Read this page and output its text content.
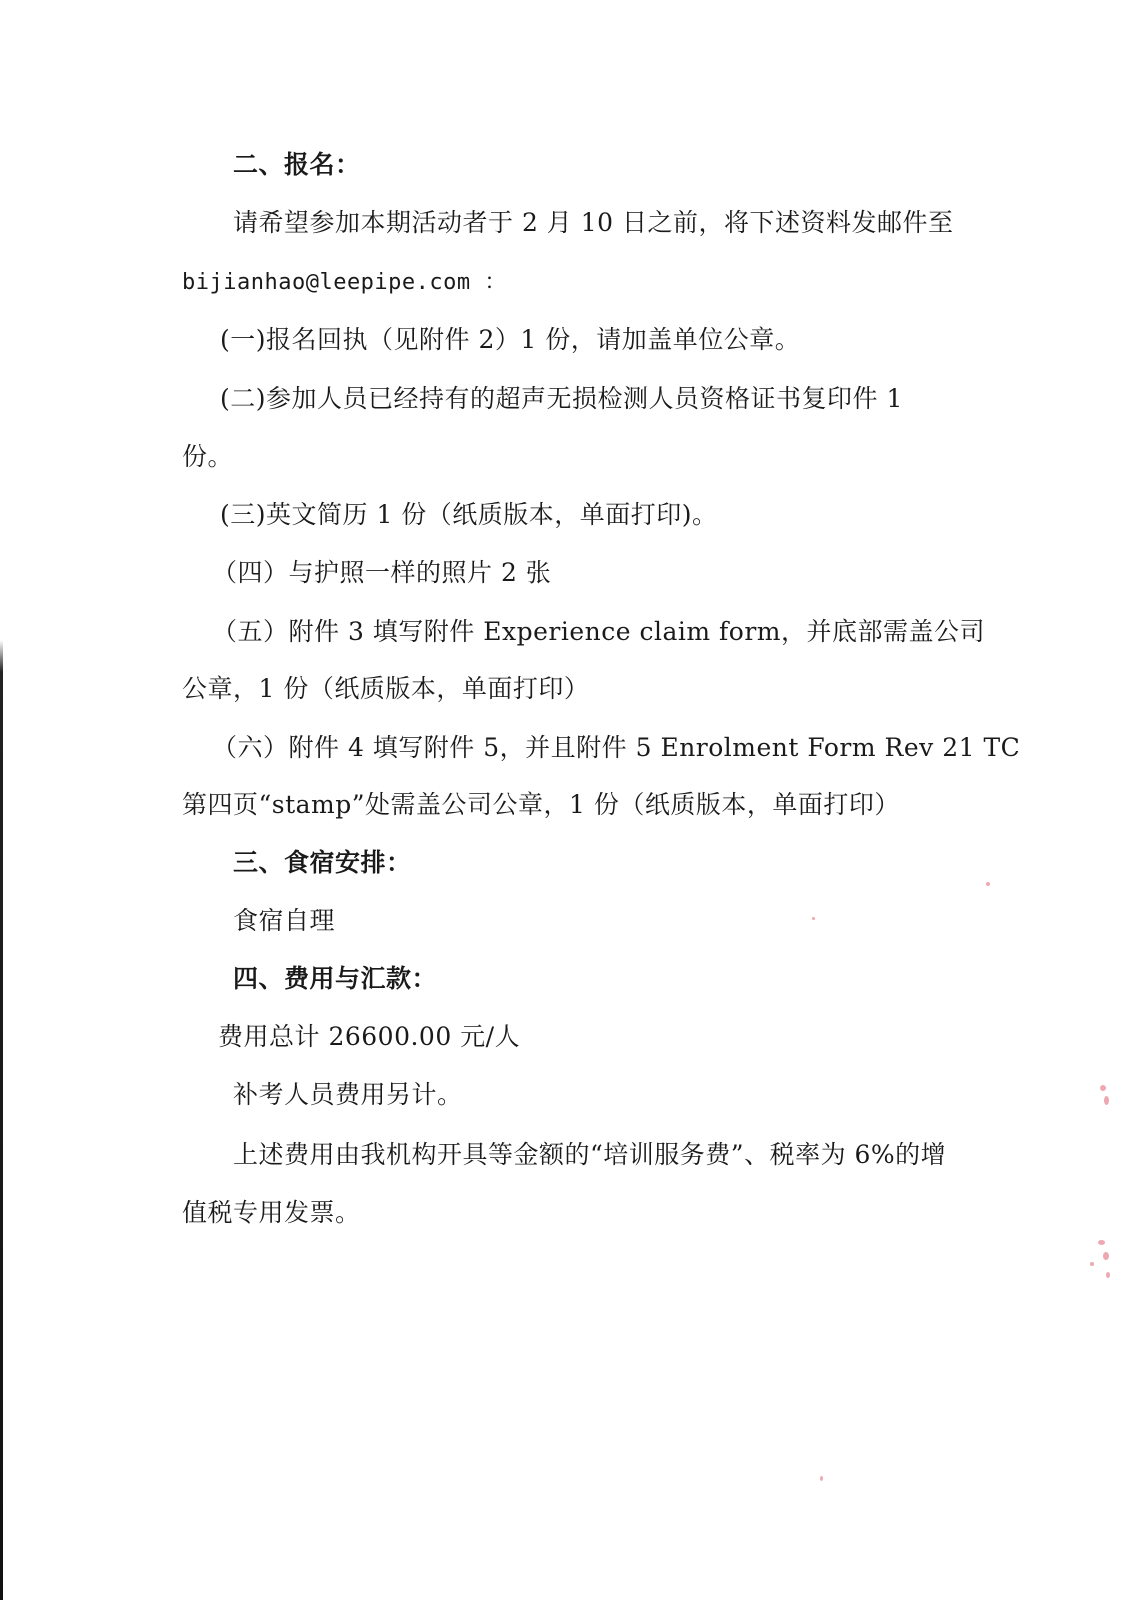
二、报名：
请希望参加本期活动者于 2 月 10 日之前，将下述资料发邮件至
bijianhao@leepipe.com ：
(一)报名回执（见附件 2）1 份，请加盖单位公章。
(二)参加人员已经持有的超声无损检测人员资格证书复印件 1
份。
(三)英文简历 1 份（纸质版本，单面打印)。
（四）与护照一样的照片 2 张
（五）附件 3 填写附件 Experience claim form，并底部需盖公司
公章，1 份（纸质版本，单面打印）
（六）附件 4 填写附件 5，并且附件 5 Enrolment Form Rev 21 TC
第四页“stamp”处需盖公司公章，1 份（纸质版本，单面打印）
三、食宿安排：
食宿自理
四、费用与汇款：
费用总计 26600.00 元/人
补考人员费用另计。
上述费用由我机构开具等金额的“培训服务费”、税率为 6%的增
值税专用发票。
